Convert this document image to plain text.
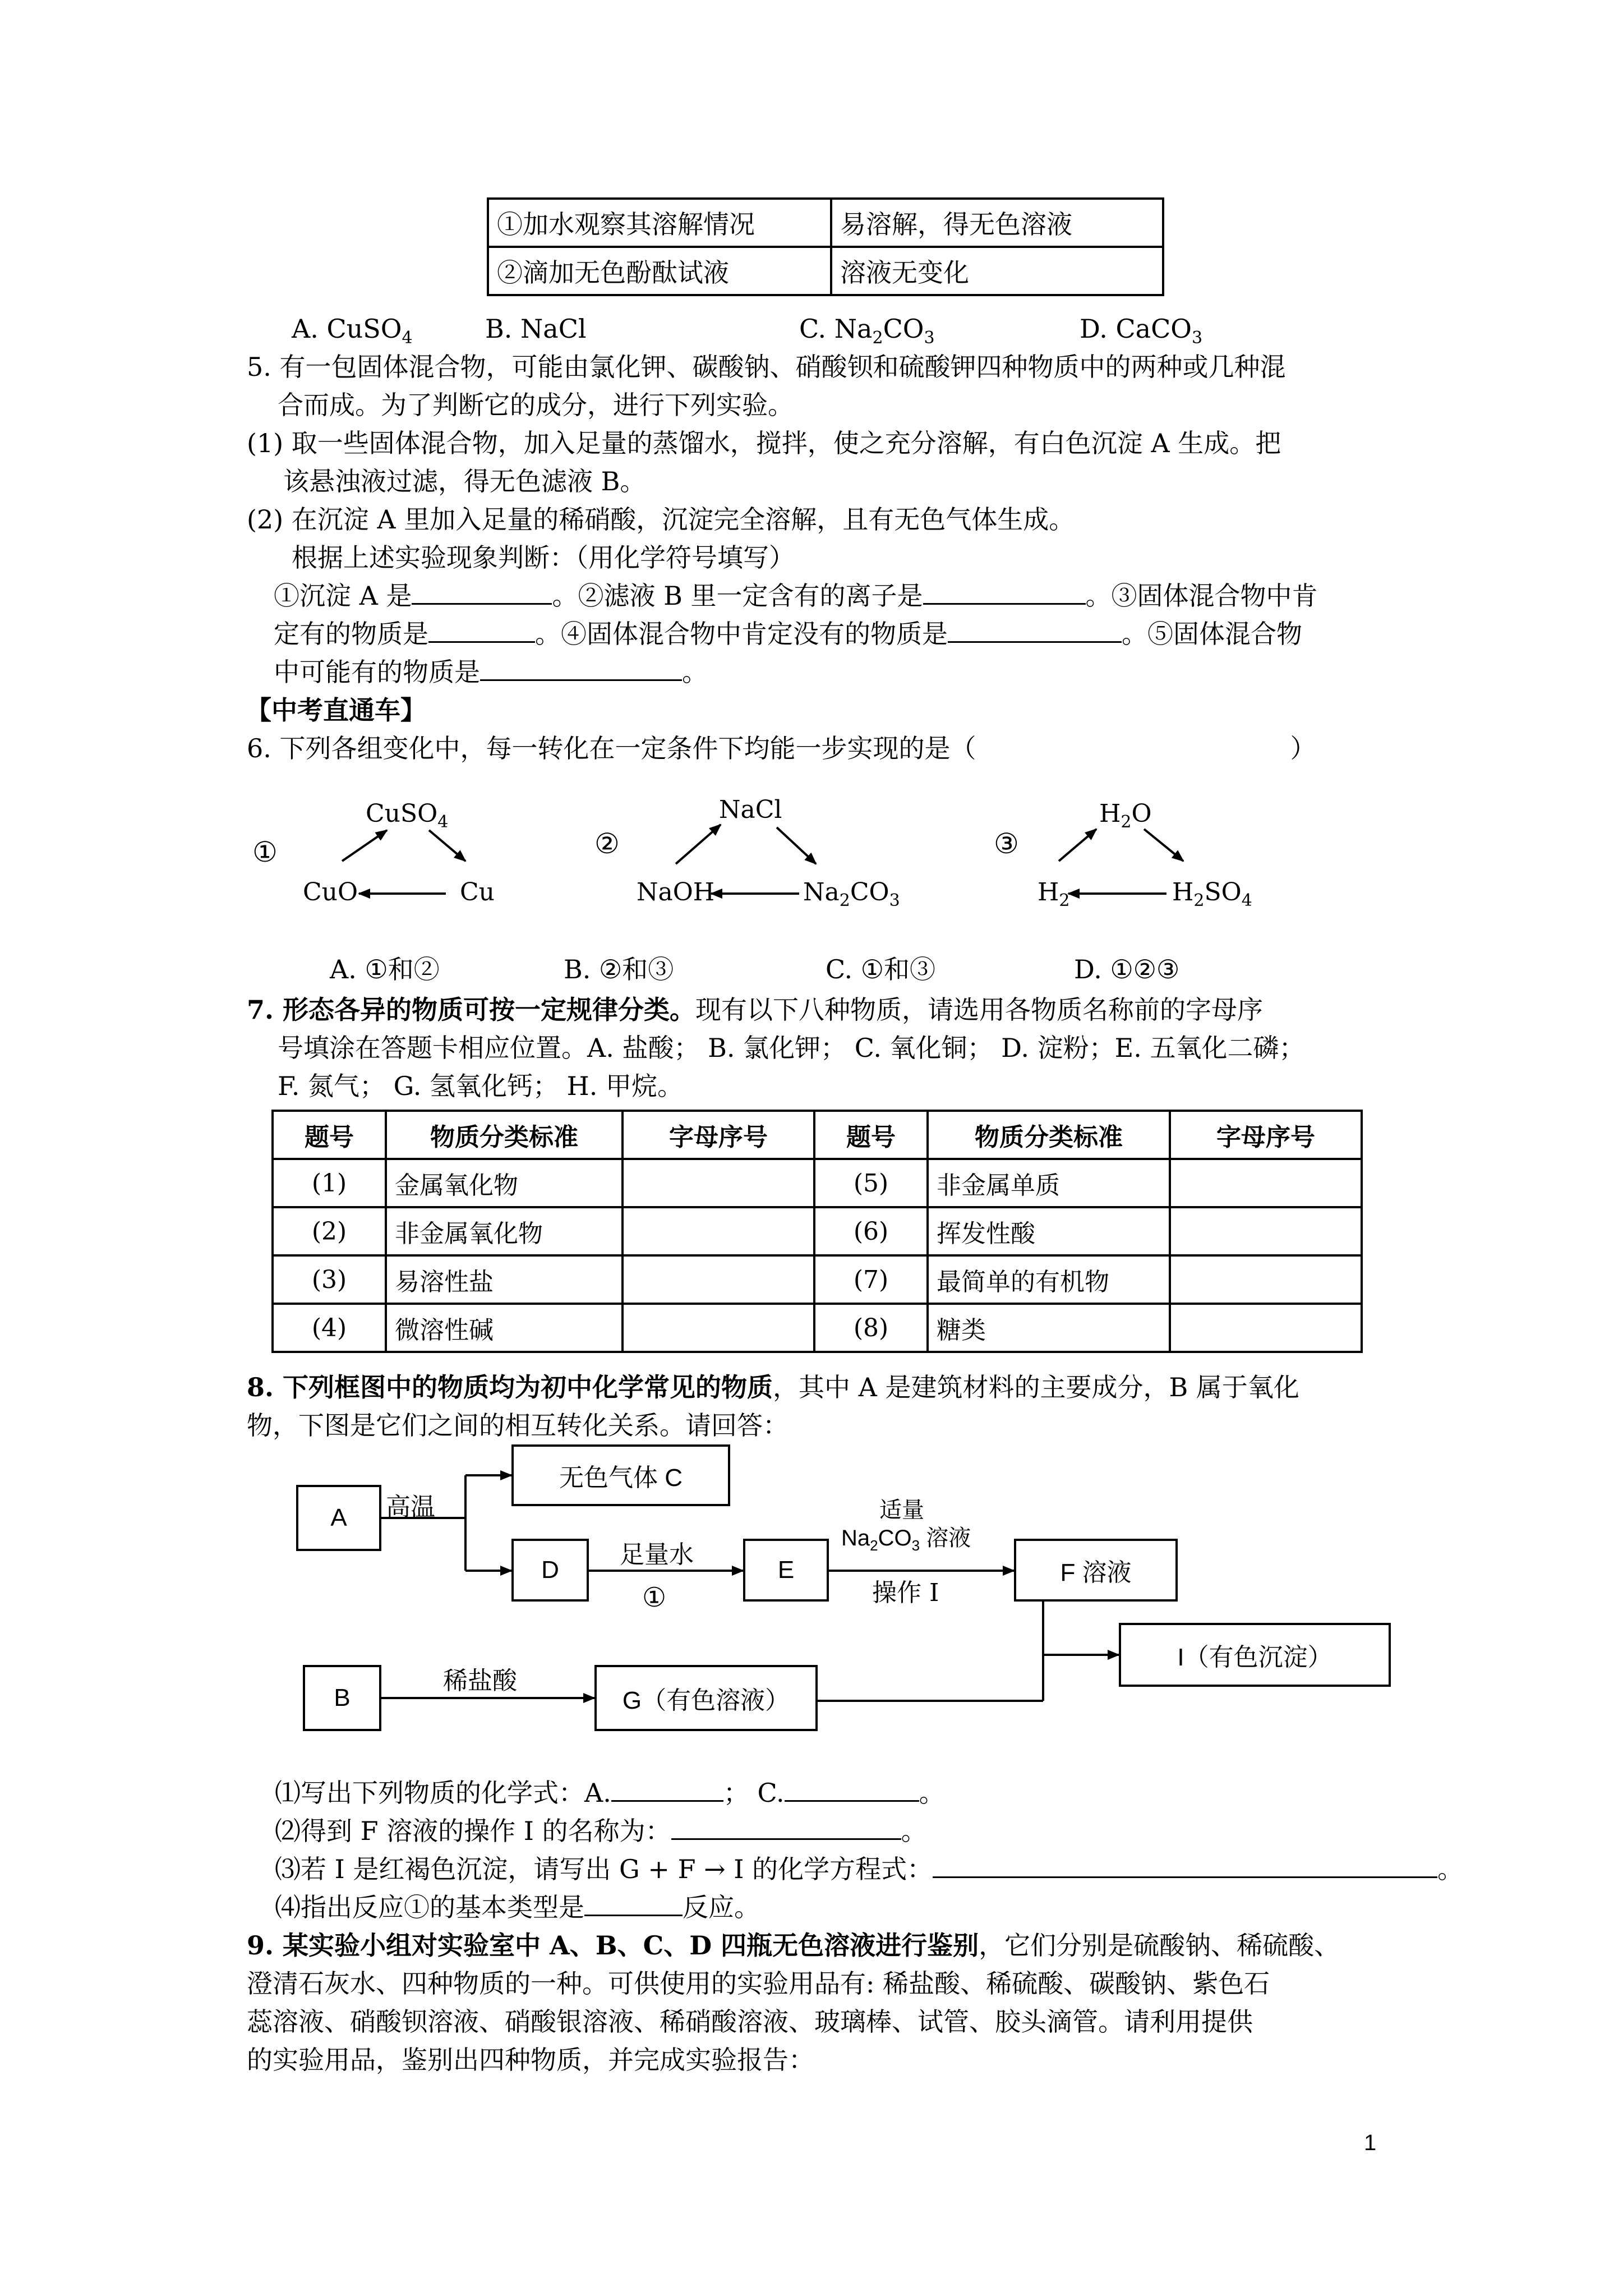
①加水观察其溶解情况	易溶解，得无色溶液
②滴加无色酚酞试液	溶液无变化
A. CuSO$_4$	B. NaCl	C. $Na_2CO_3$	D. CaCO$_3$
5. 有一包固体混合物，可能由氯化钾、碳酸钠、硝酸钡和硫酸钾四种物质中的两种或几种混
合而成。为了判断它的成分，进行下列实验。
(1) 取一些固体混合物，加入足量的蒸馏水，搅拌，使之充分溶解，有白色沉淀 A 生成。把
该悬浊液过滤，得无色滤液 B。
(2) 在沉淀 A 里加入足量的稀硝酸，沉淀完全溶解，且有无色气体生成。
根据上述实验现象判断：（用化学符号填写）
①沉淀 A 是	。②滤液 B 里一定含有的离子是	。③固体混合物中肯
定有的物质是	。④固体混合物中肯定没有的物质是	。⑤固体混合物
中可能有的物质是	。
【中考直通车】
6. 下列各组变化中，每一转化在一定条件下均能一步实现的是（	）
①
CuSO$_4$
CuO	Cu
②
NaCl
NaOH	$Na_2CO_3$
③
$H_2O$
$H_2$	$H_2SO_4$
A. ①和②	B. ②和③	C. ①和③	D. ①②③
7. 形态各异的物质可按一定规律分类。现有以下八种物质，请选用各物质名称前的字母序
号填涂在答题卡相应位置。A. 盐酸； B. 氯化钾； C. 氧化铜； D. 淀粉；E. 五氧化二磷；
F. 氮气； G. 氢氧化钙； H. 甲烷。
题号	物质分类标准	字母序号	题号	物质分类标准	字母序号
(1)	金属氧化物		(5)	非金属单质	
(2)	非金属氧化物		(6)	挥发性酸	
(3)	易溶性盐		(7)	最简单的有机物	
(4)	微溶性碱		(8)	糖类	
8. 下列框图中的物质均为初中化学常见的物质，其中 A 是建筑材料的主要成分，B 属于氧化
物，下图是它们之间的相互转化关系。请回答：
A
无色气体 C
D	E	F 溶液
I（有色沉淀）
B	G（有色溶液）
高温
足量水
①
适量
$Na_2CO_3$ 溶液
操作 I
稀盐酸
⑴写出下列物质的化学式：A.	； C.	。
⑵得到 F 溶液的操作 I 的名称为：	。
⑶若 I 是红褐色沉淀，请写出 G + F → I 的化学方程式：	。
⑷指出反应①的基本类型是	反应。
9. 某实验小组对实验室中 A、B、C、D 四瓶无色溶液进行鉴别，它们分别是硫酸钠、稀硫酸、
澄清石灰水、四种物质的一种。可供使用的实验用品有: 稀盐酸、稀硫酸、碳酸钠、紫色石
蕊溶液、硝酸钡溶液、硝酸银溶液、稀硝酸溶液、玻璃棒、试管、胶头滴管。请利用提供
的实验用品，鉴别出四种物质，并完成实验报告：
1
